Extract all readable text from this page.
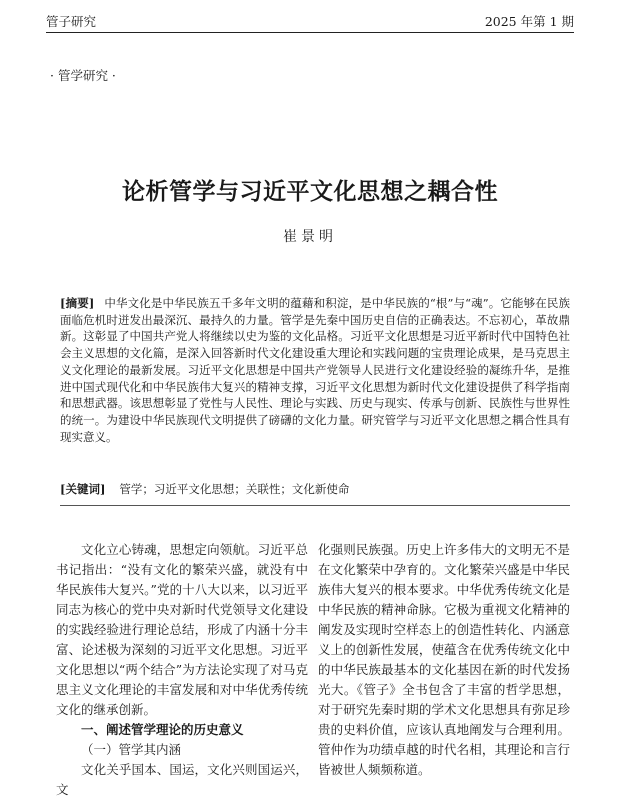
管子研究	2025 年第 1 期
· 管学研究 ·
论析管学与习近平文化思想之耦合性
崔景明
[摘要] 中华文化是中华民族五千多年文明的蕴藉和积淀，是中华民族的“根”与“魂”。它能够在民族面临危机时迸发出最深沉、最持久的力量。管学是先秦中国历史自信的正确表达。不忘初心，革故鼎新。这彰显了中国共产党人将继续以史为鉴的文化品格。习近平文化思想是习近平新时代中国特色社会主义思想的文化篇，是深入回答新时代文化建设重大理论和实践问题的宝贵理论成果，是马克思主义文化理论的最新发展。习近平文化思想是中国共产党领导人民进行文化建设经验的凝练升华，是推进中国式现代化和中华民族伟大复兴的精神支撑，习近平文化思想为新时代文化建设提供了科学指南和思想武器。该思想彰显了党性与人民性、理论与实践、历史与现实、传承与创新、民族性与世界性的统一。为建设中华民族现代文明提供了磅礴的文化力量。研究管学与习近平文化思想之耦合性具有现实意义。
[关键词] 管学；习近平文化思想；关联性；文化新使命

文化立心铸魂，思想定向领航。习近平总书记指出：“没有文化的繁荣兴盛，就没有中华民族伟大复兴。”党的十八大以来，以习近平同志为核心的党中央对新时代党领导文化建设的实践经验进行理论总结，形成了内涵十分丰富、论述极为深刻的习近平文化思想。习近平文化思想以“两个结合”为方法论实现了对马克思主义文化理论的丰富发展和对中华优秀传统文化的继承创新。

一、阐述管学理论的历史意义
（一）管学其内涵

文化关乎国本、国运，文化兴则国运兴，文

化强则民族强。历史上许多伟大的文明无不是在文化繁荣中孕育的。文化繁荣兴盛是中华民族伟大复兴的根本要求。中华优秀传统文化是中华民族的精神命脉。它极为重视文化精神的阐发及实现时空样态上的创造性转化、内涵意义上的创新性发展，使蕴含在优秀传统文化中的中华民族最基本的文化基因在新的时代发扬光大。《管子》全书包含了丰富的哲学思想，对于研究先秦时期的学术文化思想具有弥足珍贵的史料价值，应该认真地阐发与合理利用。管仲作为功绩卓越的时代名相，其理论和言行皆被世人频频称道。
